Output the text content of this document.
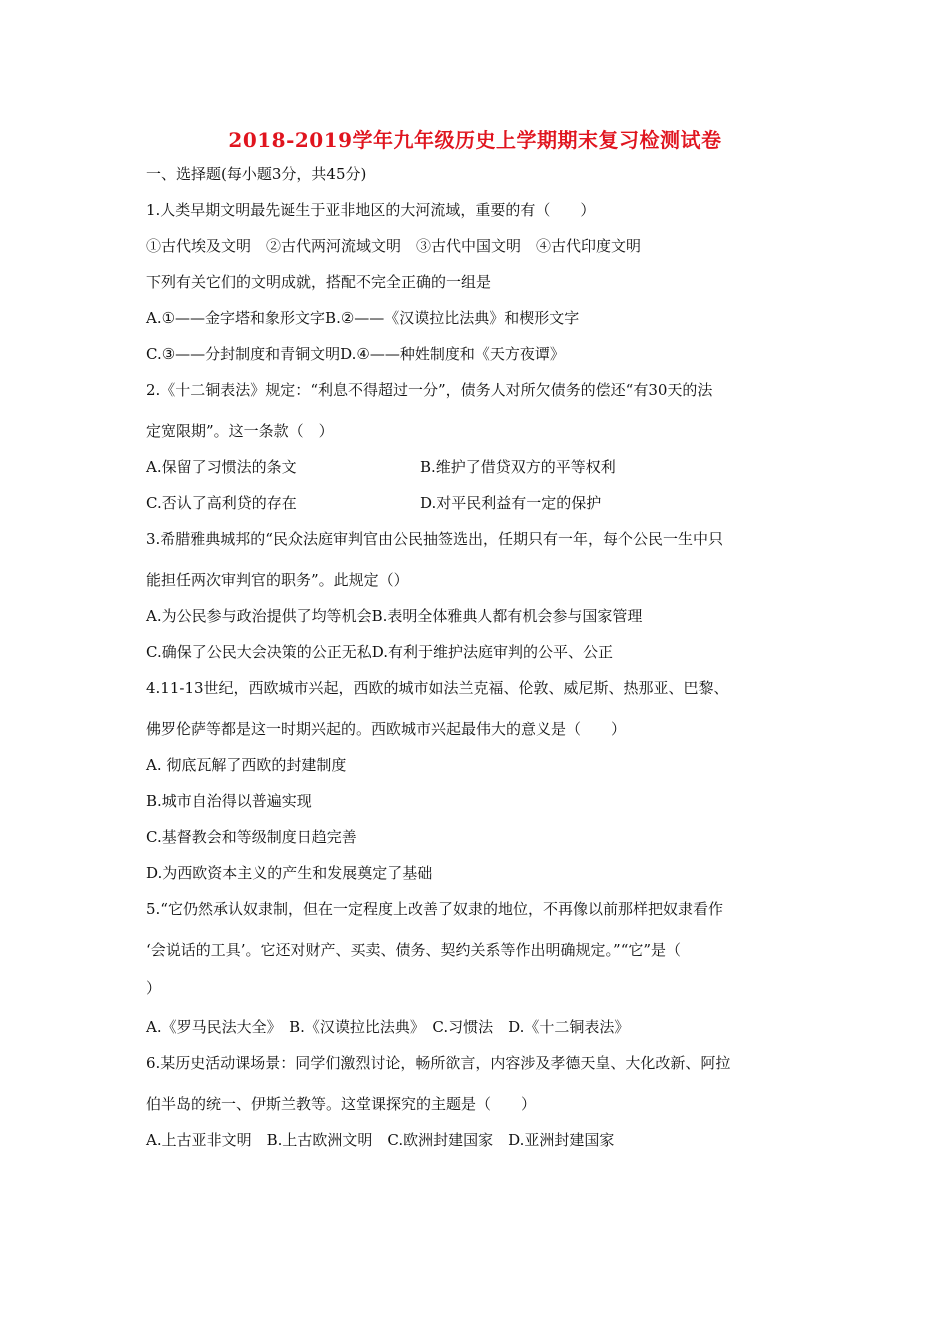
2018-2019学年九年级历史上学期期末复习检测试卷
一、选择题(每小题3分，共45分)
1.人类早期文明最先诞生于亚非地区的大河流域，重要的有（　　）
①古代埃及文明　②古代两河流域文明　③古代中国文明　④古代印度文明
下列有关它们的文明成就，搭配不完全正确的一组是
A.①——金字塔和象形文字B.②——《汉谟拉比法典》和楔形文字
C.③——分封制度和青铜文明D.④——种姓制度和《天方夜谭》
2.《十二铜表法》规定：“利息不得超过一分”，债务人对所欠债务的偿还“有30天的法
定宽限期”。这一条款（　）
A.保留了习惯法的条文	B.维护了借贷双方的平等权利
C.否认了高利贷的存在	D.对平民利益有一定的保护
3.希腊雅典城邦的“民众法庭审判官由公民抽签选出，任期只有一年，每个公民一生中只
能担任两次审判官的职务”。此规定（）
A.为公民参与政治提供了均等机会B.表明全体雅典人都有机会参与国家管理
C.确保了公民大会决策的公正无私D.有利于维护法庭审判的公平、公正
4.11-13世纪，西欧城市兴起，西欧的城市如法兰克福、伦敦、威尼斯、热那亚、巴黎、
佛罗伦萨等都是这一时期兴起的。西欧城市兴起最伟大的意义是（　　）
A. 彻底瓦解了西欧的封建制度
B.城市自治得以普遍实现
C.基督教会和等级制度日趋完善
D.为西欧资本主义的产生和发展奠定了基础
5.“它仍然承认奴隶制，但在一定程度上改善了奴隶的地位，不再像以前那样把奴隶看作
‘会说话的工具’。它还对财产、买卖、债务、契约关系等作出明确规定。”“它”是（
）
A.《罗马民法大全》　B.《汉谟拉比法典》　C.习惯法　D.《十二铜表法》
6.某历史活动课场景：同学们激烈讨论，畅所欲言，内容涉及孝德天皇、大化改新、阿拉
伯半岛的统一、伊斯兰教等。这堂课探究的主题是（　　）
A.上古亚非文明　B.上古欧洲文明　C.欧洲封建国家　D.亚洲封建国家
